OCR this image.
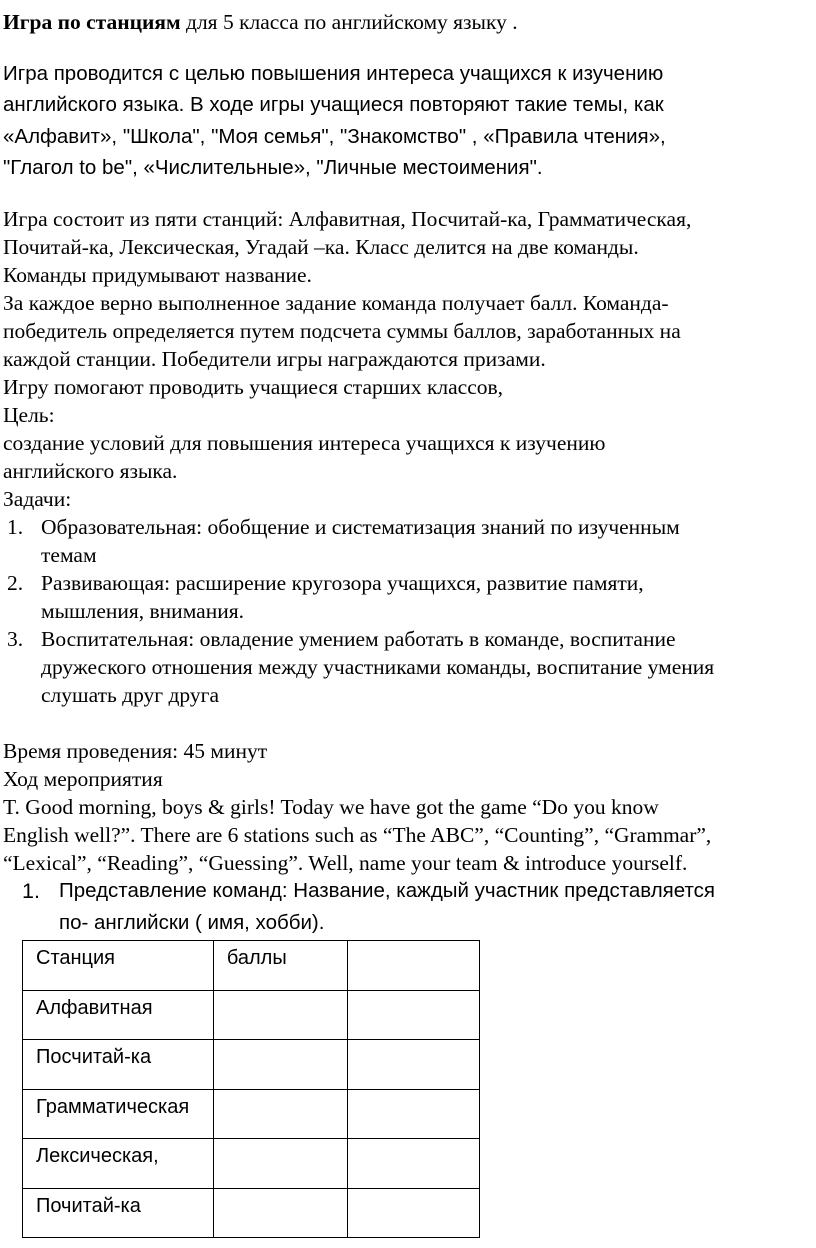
Игра по станциям для 5 класса по английскому языку .
Игра проводится с целью повышения интереса учащихся к изучению
английского языка. В ходе игры учащиеся повторяют такие темы, как
«Алфавит», "Школа", "Моя семья", "Знакомство" , «Правила чтения»,
"Глагол to be", «Числительные», "Личные местоимения".
Игра состоит из пяти станций: Алфавитная, Посчитай-ка, Грамматическая,
Почитай-ка, Лексическая, Угадай –ка. Класс делится на две команды.
Команды придумывают название.
За каждое верно выполненное задание команда получает балл. Команда-
победитель определяется путем подсчета суммы баллов, заработанных на
каждой станции. Победители игры награждаются призами.
Игру помогают проводить учащиеся старших классов,
Цель:
создание условий для повышения интереса учащихся к изучению
английского языка.
Задачи:
1. Образовательная: обобщение и систематизация знаний по изученным
темам
2. Развивающая: расширение кругозора учащихся, развитие памяти,
мышления, внимания.
3. Воспитательная: овладение умением работать в команде, воспитание
дружеского отношения между участниками команды, воспитание умения
слушать друг друга
Время проведения: 45 минут
Ход мероприятия
T. Good morning, boys & girls! Today we have got the game “Do you know
English well?”. There are 6 stations such as “The ABC”, “Counting”, “Grammar”,
“Lexical”, “Reading”, “Guessing”. Well, name your team & introduce yourself.
1. Представление команд: Название, каждый участник представляется
по- английски ( имя, хобби).
Станция	баллы	

Алфавитная		

Посчитай-ка		

Грамматическая		

Лексическая,		

Почитай-ка		
